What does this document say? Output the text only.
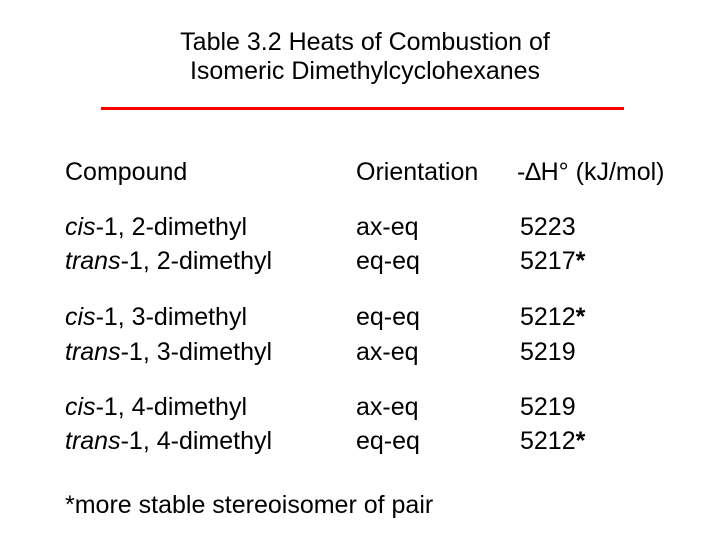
Table 3.2 Heats of Combustion of
Isomeric Dimethylcyclohexanes
Compound	Orientation -∆H° (kJ/mol)
cis-1, 2-dimethyl	ax-eq	5223
trans-1, 2-dimethyl	eq-eq	5217*
cis-1, 3-dimethyl	eq-eq	5212*
trans-1, 3-dimethyl	ax-eq	5219
cis-1, 4-dimethyl	ax-eq	5219
trans-1, 4-dimethyl	eq-eq	5212*
*more stable stereoisomer of pair
